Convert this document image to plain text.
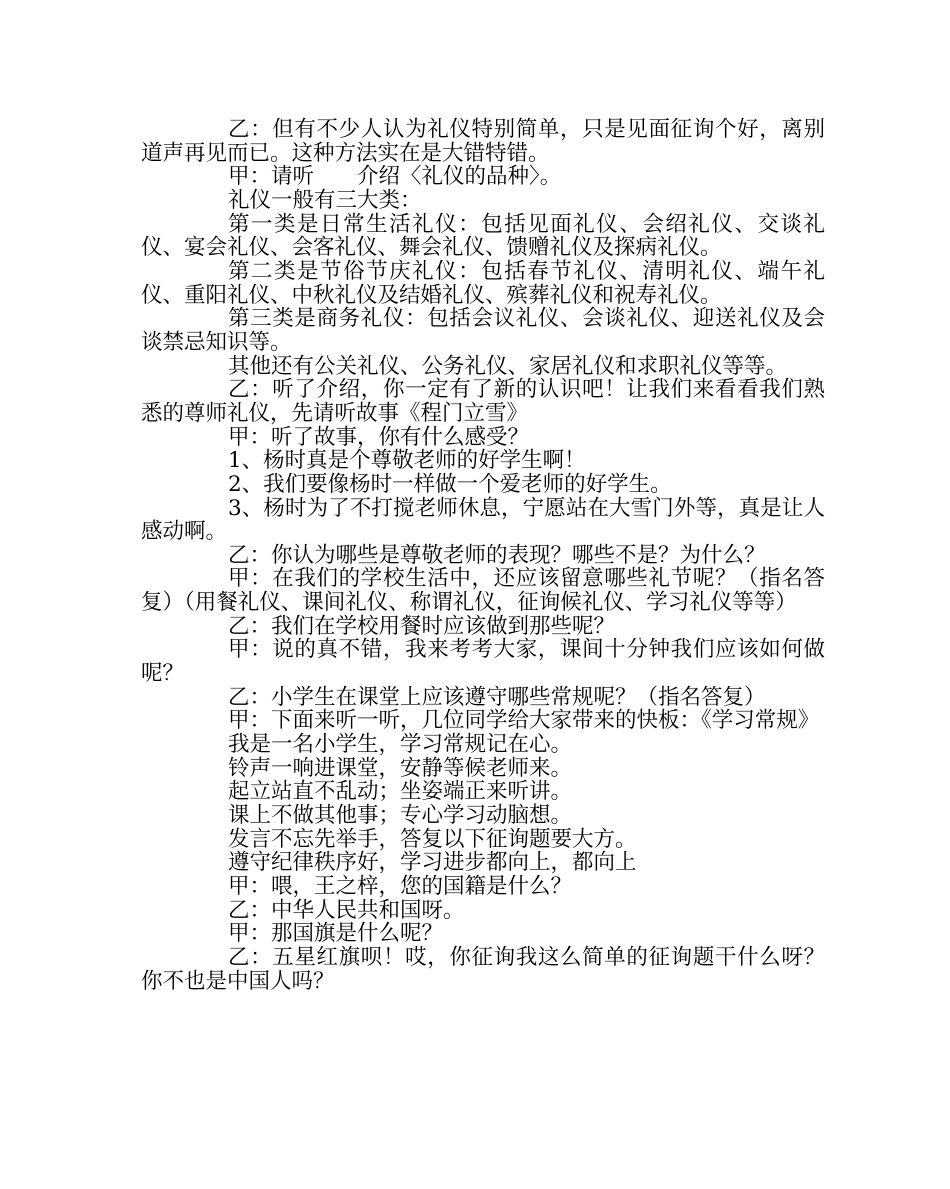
乙：但有不少人认为礼仪特别简单，只是见面征询个好，离别道声再见而已。这种方法实在是大错特错。

甲：请听　　介绍〈礼仪的品种〉。

礼仪一般有三大类：

第一类是日常生活礼仪：包括见面礼仪、会绍礼仪、交谈礼仪、宴会礼仪、会客礼仪、舞会礼仪、馈赠礼仪及探病礼仪。

第二类是节俗节庆礼仪：包括春节礼仪、清明礼仪、端午礼仪、重阳礼仪、中秋礼仪及结婚礼仪、殡葬礼仪和祝寿礼仪。

第三类是商务礼仪：包括会议礼仪、会谈礼仪、迎送礼仪及会谈禁忌知识等。

其他还有公关礼仪、公务礼仪、家居礼仪和求职礼仪等等。

乙：听了介绍，你一定有了新的认识吧！让我们来看看我们熟悉的尊师礼仪，先请听故事《程门立雪》

甲：听了故事，你有什么感受？

1、杨时真是个尊敬老师的好学生啊！

2、我们要像杨时一样做一个爱老师的好学生。

3、杨时为了不打搅老师休息，宁愿站在大雪门外等，真是让人感动啊。

乙：你认为哪些是尊敬老师的表现？哪些不是？为什么？

甲：在我们的学校生活中，还应该留意哪些礼节呢？（指名答复）（用餐礼仪、课间礼仪、称谓礼仪，征询候礼仪、学习礼仪等等）

乙：我们在学校用餐时应该做到那些呢？

甲：说的真不错，我来考考大家，课间十分钟我们应该如何做呢？

乙：小学生在课堂上应该遵守哪些常规呢？（指名答复）

甲：下面来听一听，几位同学给大家带来的快板：《学习常规》

我是一名小学生，学习常规记在心。

铃声一响进课堂，安静等候老师来。

起立站直不乱动；坐姿端正来听讲。

课上不做其他事；专心学习动脑想。

发言不忘先举手，答复以下征询题要大方。

遵守纪律秩序好，学习进步都向上，都向上

甲：喂，王之梓，您的国籍是什么？

乙：中华人民共和国呀。

甲：那国旗是什么呢？

乙：五星红旗呗！哎，你征询我这么简单的征询题干什么呀？你不也是中国人吗？
